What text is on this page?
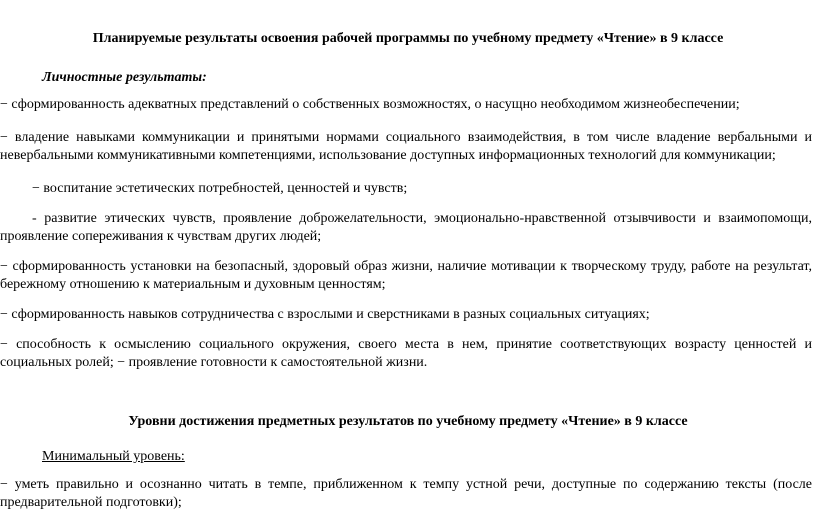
Планируемые результаты освоения рабочей программы по учебному предмету «Чтение» в 9 классе
Личностные результаты:
− сформированность адекватных представлений о собственных возможностях, о насущно необходимом жизнеобеспечении;
− владение навыками коммуникации и принятыми нормами социального взаимодействия, в том числе владение вербальными и невербальными коммуникативными компетенциями, использование доступных информационных технологий для коммуникации;
− воспитание эстетических потребностей, ценностей и чувств;
- развитие этических чувств, проявление доброжелательности, эмоционально-нравственной отзывчивости и взаимопомощи, проявление сопереживания к чувствам других людей;
− сформированность установки на безопасный, здоровый образ жизни, наличие мотивации к творческому труду, работе на результат, бережному отношению к материальным и духовным ценностям;
− сформированность навыков сотрудничества с взрослыми и сверстниками в разных социальных ситуациях;
− способность к осмыслению социального окружения, своего места в нем, принятие соответствующих возрасту ценностей и социальных ролей; − проявление готовности к самостоятельной жизни.
Уровни достижения предметных результатов по учебному предмету «Чтение» в 9 классе
Минимальный уровень:
− уметь правильно и осознанно читать в темпе, приближенном к темпу устной речи, доступные по содержанию тексты (после предварительной подготовки);
